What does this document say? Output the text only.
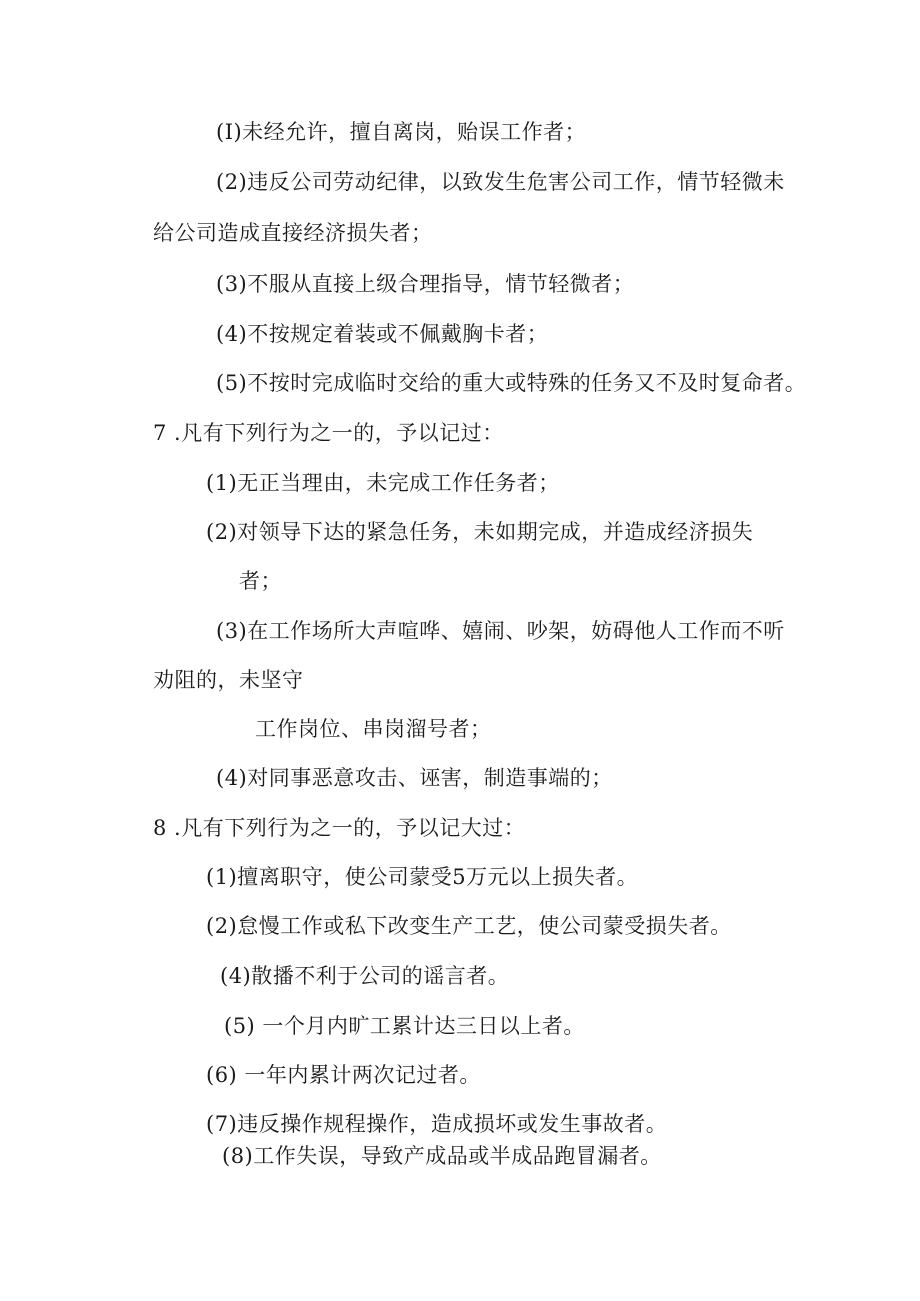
(I)未经允许，擅自离岗，贻误工作者；
(2)违反公司劳动纪律，以致发生危害公司工作，情节轻微未
给公司造成直接经济损失者；
(3)不服从直接上级合理指导，情节轻微者；
(4)不按规定着装或不佩戴胸卡者；
(5)不按时完成临时交给的重大或特殊的任务又不及时复命者。
7 .凡有下列行为之一的，予以记过：
(1)无正当理由，未完成工作任务者；
(2)对领导下达的紧急任务，未如期完成，并造成经济损失
者；
(3)在工作场所大声喧哗、嬉闹、吵架，妨碍他人工作而不听
劝阻的，未坚守
工作岗位、串岗溜号者；
(4)对同事恶意攻击、诬害，制造事端的；
8 .凡有下列行为之一的，予以记大过：
(1)擅离职守，使公司蒙受5万元以上损失者。
(2)怠慢工作或私下改变生产工艺，使公司蒙受损失者。
(4)散播不利于公司的谣言者。
(5) 一个月内旷工累计达三日以上者。
(6) 一年内累计两次记过者。
(7)违反操作规程操作，造成损坏或发生事故者。
(8)工作失误，导致产成品或半成品跑冒漏者。
